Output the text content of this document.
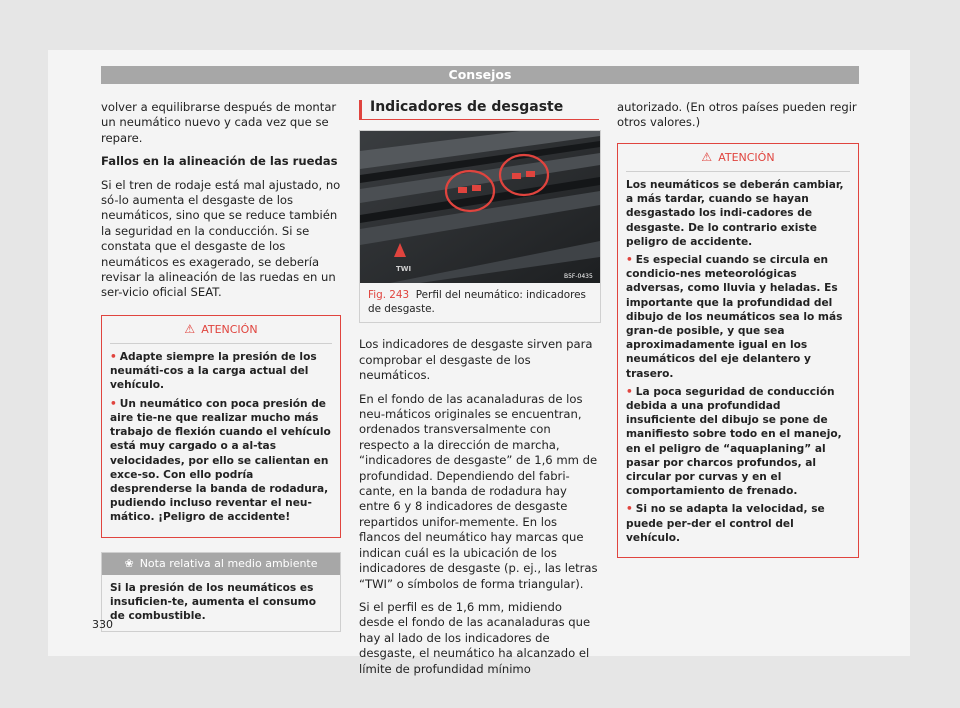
Consejos

volver a equilibrarse después de montar un neumático nuevo y cada vez que se repare.

Fallos en la alineación de las ruedas

Si el tren de rodaje está mal ajustado, no só-lo aumenta el desgaste de los neumáticos, sino que se reduce también la seguridad en la conducción. Si se constata que el desgaste de los neumáticos es exagerado, se debería revisar la alineación de las ruedas en un ser-vicio oficial SEAT.

⚠ ATENCIÓN
• Adapte siempre la presión de los neumáti-cos a la carga actual del vehículo.
• Un neumático con poca presión de aire tie-ne que realizar mucho más trabajo de flexión cuando el vehículo está muy cargado o a al-tas velocidades, por ello se calientan en exce-so. Con ello podría desprenderse la banda de rodadura, pudiendo incluso reventar el neu-mático. ¡Peligro de accidente!
❀ Nota relativa al medio ambiente
Si la presión de los neumáticos es insuficien-te, aumenta el consumo de combustible.
Indicadores de desgaste
TWI
B5F-0435
Fig. 243 Perfil del neumático: indicadores de desgaste.

Los indicadores de desgaste sirven para comprobar el desgaste de los neumáticos.

En el fondo de las acanaladuras de los neu-máticos originales se encuentran, ordenados transversalmente con respecto a la dirección de marcha, “indicadores de desgaste” de 1,6 mm de profundidad. Dependiendo del fabri-cante, en la banda de rodadura hay entre 6 y 8 indicadores de desgaste repartidos unifor-memente. En los flancos del neumático hay marcas que indican cuál es la ubicación de los indicadores de desgaste (p. ej., las letras “TWI” o símbolos de forma triangular).

Si el perfil es de 1,6 mm, midiendo desde el fondo de las acanaladuras que hay al lado de los indicadores de desgaste, el neumático ha alcanzado el límite de profundidad mínimo

autorizado. (En otros países pueden regir otros valores.)

⚠ ATENCIÓN
Los neumáticos se deberán cambiar, a más tardar, cuando se hayan desgastado los indi-cadores de desgaste. De lo contrario existe peligro de accidente.
• Es especial cuando se circula en condicio-nes meteorológicas adversas, como lluvia y heladas. Es importante que la profundidad del dibujo de los neumáticos sea lo más gran-de posible, y que sea aproximadamente igual en los neumáticos del eje delantero y trasero.
• La poca seguridad de conducción debida a una profundidad insuficiente del dibujo se pone de manifiesto sobre todo en el manejo, en el peligro de “aquaplaning” al pasar por charcos profundos, al circular por curvas y en el comportamiento de frenado.
• Si no se adapta la velocidad, se puede per-der el control del vehículo.
330
